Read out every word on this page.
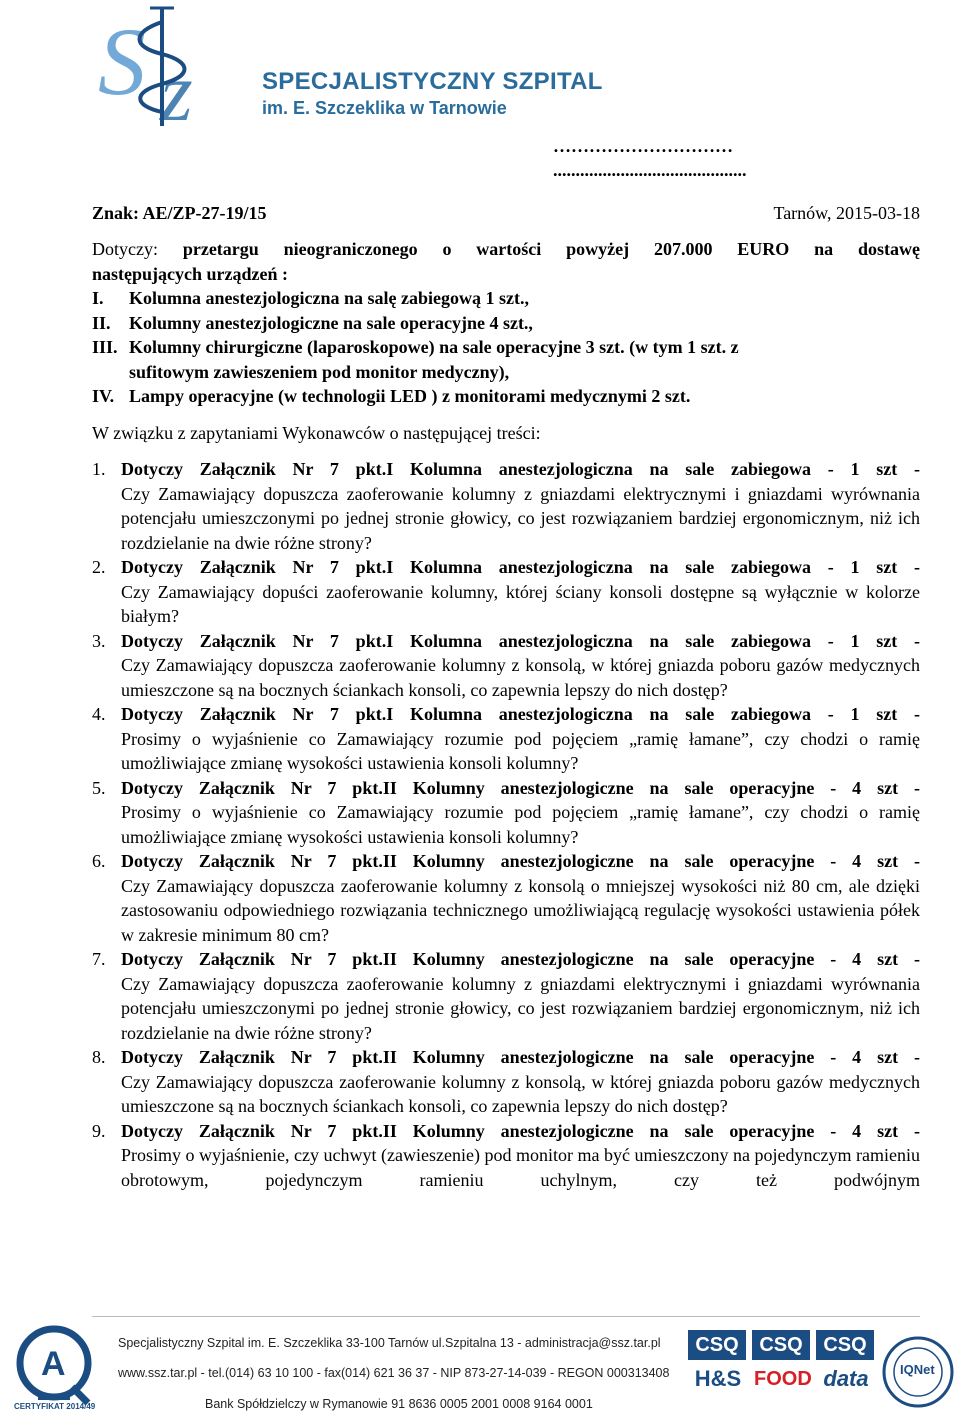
S z	SPECJALISTYCZNY SZPITAL
im. E. Szczeklika w Tarnowie
…………………………
...........................................
Znak: AE/ZP-27-19/15	Tarnów, 2015-03-18
Dotyczy: przetargu nieograniczonego o wartości powyżej 207.000 EURO na dostawę
następujących urządzeń :
I.	Kolumna anestezjologiczna na salę zabiegową 1 szt.,
II.	Kolumny anestezjologiczne na sale operacyjne 4 szt.,
III. Kolumny chirurgiczne (laparoskopowe) na sale operacyjne 3 szt. (w tym 1 szt. z
sufitowym zawieszeniem pod monitor medyczny),
IV. Lampy operacyjne (w technologii LED ) z monitorami medycznymi 2 szt.
W związku z zapytaniami Wykonawców o następującej treści:
1. Dotyczy Załącznik Nr 7 pkt.I Kolumna anestezjologiczna na sale zabiegowa - 1 szt -

Czy Zamawiający dopuszcza zaoferowanie kolumny z gniazdami elektrycznymi i gniazdami wyrównania potencjału umieszczonymi po jednej stronie głowicy, co jest rozwiązaniem bardziej ergonomicznym, niż ich rozdzielanie na dwie różne strony?

2. Dotyczy Załącznik Nr 7 pkt.I Kolumna anestezjologiczna na sale zabiegowa - 1 szt -

Czy Zamawiający dopuści zaoferowanie kolumny, której ściany konsoli dostępne są wyłącznie w kolorze białym?

3. Dotyczy Załącznik Nr 7 pkt.I Kolumna anestezjologiczna na sale zabiegowa - 1 szt -

Czy Zamawiający dopuszcza zaoferowanie kolumny z konsolą, w której gniazda poboru gazów medycznych umieszczone są na bocznych ściankach konsoli, co zapewnia lepszy do nich dostęp?

4. Dotyczy Załącznik Nr 7 pkt.I Kolumna anestezjologiczna na sale zabiegowa - 1 szt -

Prosimy o wyjaśnienie co Zamawiający rozumie pod pojęciem „ramię łamane”, czy chodzi o ramię umożliwiające zmianę wysokości ustawienia konsoli kolumny?

5. Dotyczy Załącznik Nr 7 pkt.II Kolumny anestezjologiczne na sale operacyjne - 4 szt -

Prosimy o wyjaśnienie co Zamawiający rozumie pod pojęciem „ramię łamane”, czy chodzi o ramię umożliwiające zmianę wysokości ustawienia konsoli kolumny?

6. Dotyczy Załącznik Nr 7 pkt.II Kolumny anestezjologiczne na sale operacyjne - 4 szt -

Czy Zamawiający dopuszcza zaoferowanie kolumny z konsolą o mniejszej wysokości niż 80 cm, ale dzięki zastosowaniu odpowiedniego rozwiązania technicznego umożliwiającą regulację wysokości ustawienia półek w zakresie minimum 80 cm?

7. Dotyczy Załącznik Nr 7 pkt.II Kolumny anestezjologiczne na sale operacyjne - 4 szt -

Czy Zamawiający dopuszcza zaoferowanie kolumny z gniazdami elektrycznymi i gniazdami wyrównania potencjału umieszczonymi po jednej stronie głowicy, co jest rozwiązaniem bardziej ergonomicznym, niż ich rozdzielanie na dwie różne strony?

8. Dotyczy Załącznik Nr 7 pkt.II Kolumny anestezjologiczne na sale operacyjne - 4 szt -

Czy Zamawiający dopuszcza zaoferowanie kolumny z konsolą, w której gniazda poboru gazów medycznych umieszczone są na bocznych ściankach konsoli, co zapewnia lepszy do nich dostęp?

9. Dotyczy Załącznik Nr 7 pkt.II Kolumny anestezjologiczne na sale operacyjne - 4 szt -

Prosimy o wyjaśnienie, czy uchwyt (zawieszenie) pod monitor ma być umieszczony na pojedynczym ramieniu obrotowym, pojedynczym ramieniu uchylnym, czy też podwójnym

A
CERTYFIKAT 2014/49
Specjalistyczny Szpital im. E. Szczeklika 33-100 Tarnów ul.Szpitalna 13 - administracja@ssz.tar.pl
www.ssz.tar.pl - tel.(014) 63 10 100 - fax(014) 621 36 37 - NIP 873-27-14-039 - REGON 000313408
Bank Spółdzielczy w Rymanowie 91 8636 0005 2001 0008 9164 0001
CSQ	CSQ	CSQ
H&S FOOD data	IQNet
